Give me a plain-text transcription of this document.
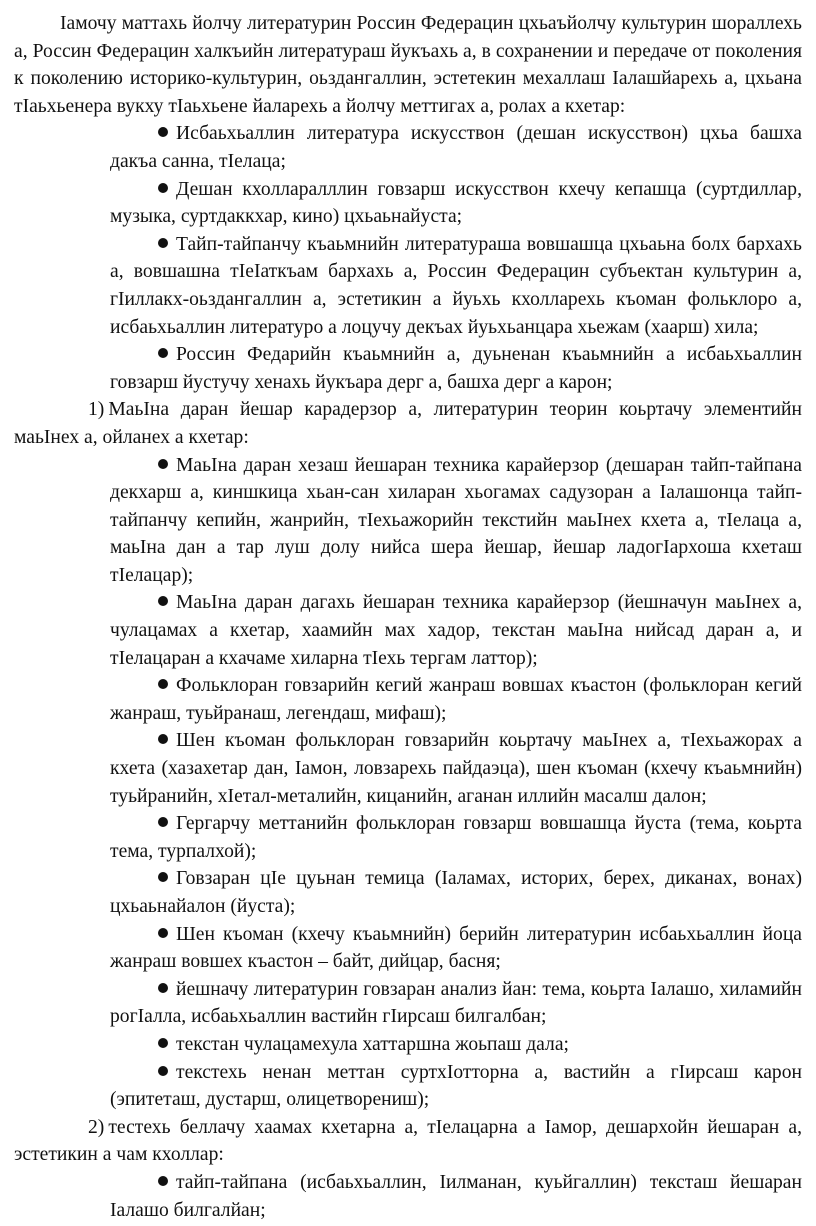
Iамочу маттахь йолчу литературин Россин Федерацин цхьаъйолчу культурин шораллехь а, Россин Федерацин халкъийн литератураш йукъахь а, в сохранении и передаче от поколения к поколению историко-культурин, оьздангаллин, эстетекин мехаллаш Iалашйарехь а, цхьана тIаьхьенера вукху тIаьхьене йаларехь а йолчу меттигах а, ролах а кхетар:

Исбаьхьаллин литература искусствон (дешан искусствон) цхьа башха дакъа санна, тIелаца;

Дешан кхолларалллин говзарш искусствон кхечу кепашца (суртдиллар, музыка, суртдаккхар, кино) цхьаьнайуста;

Тайп-тайпанчу къаьмнийн литератураша вовшашца цхьаьна болх бархахь а, вовшашна тIеIаткъам бархахь а, Россин Федерацин субъектан культурин а, гIиллакх-оьздангаллин а, эстетикин а йуьхь кхолларехь къоман фольклоро а, исбаьхьаллин литературо а лоцучу декъах йуьхьанцара хьежам (хаарш) хила;

Россин Федарийн къаьмнийн а, дуьненан къаьмнийн а исбаьхьаллин говзарш йустучу хенахь йукъара дерг а, башха дерг а карон;

1) МаьIна даран йешар карадерзор а, литературин теорин коьртачу элементийн маьIнех а, ойланех а кхетар:

МаьIна даран хезаш йешаран техника карайерзор (дешаран тайп-тайпана декхарш а, киншкица хьан-сан хиларан хьогамах садузоран а Iалашонца тайп-тайпанчу кепийн, жанрийн, тIехьажорийн текстийн маьIнех кхета а, тIелаца а, маьIна дан а тар луш долу нийса шера йешар, йешар ладогIархоша кхеташ тIелацар);

МаьIна даран дагахь йешаран техника карайерзор (йешначун маьIнех а, чулацамах а кхетар, хаамийн мах хадор, текстан маьIна нийсад даран а, и тIелацаран а кхачаме хиларна тIехь тергам латтор);

Фольклоран говзарийн кегий жанраш вовшах къастон (фольклоран кегий жанраш, туьйранаш, легендаш, мифаш);

Шен къоман фольклоран говзарийн коьртачу маьIнех а, тIехьажорах а кхета (хазахетар дан, Iамон, ловзарехь пайдаэца), шен къоман (кхечу къаьмнийн) туьйранийн, хIетал-металийн, кицанийн, аганан иллийн масалш далон;

Гергарчу меттанийн фольклоран говзарш вовшашца йуста (тема, коьрта тема, турпалхой);

Говзаран цIе цуьнан темица (Iаламах, историх, берех, диканах, вонах) цхьаьнайалон (йуста);

Шен къоман (кхечу къаьмнийн) берийн литературин исбаьхьаллин йоца жанраш вовшех къастон – байт, дийцар, басня;

йешначу литературин говзаран анализ йан: тема, коьрта Iалашо, хиламийн рогIалла, исбаьхьаллин вастийн гIирсаш билгалбан;

текстан чулацамехула хаттаршна жоьпаш дала;

текстехь ненан меттан суртхIотторна а, вастийн а гIирсаш карон (эпитеташ, дустарш, олицетворениш);

2) тестехь беллачу хаамах кхетарна а, тIелацарна а Iамор, дешархойн йешаран а, эстетикин а чам кхоллар:

тайп-тайпана (исбаьхьаллин, Iилманан, куьйгаллин) тексташ йешаран Iалашо билгалйан;
